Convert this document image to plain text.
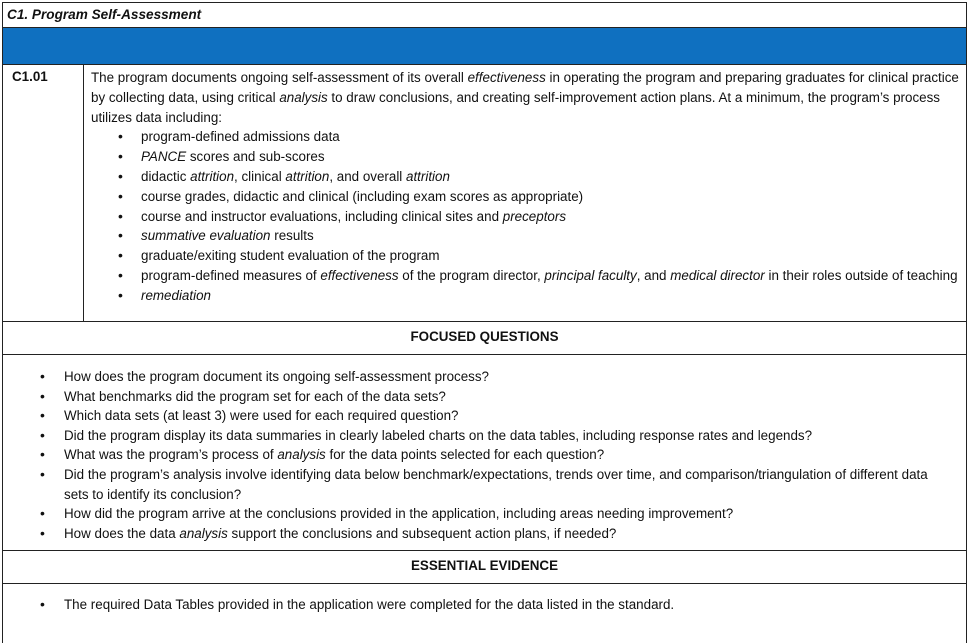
C1. Program Self-Assessment
C1.01	The program documents ongoing self-assessment of its overall effectiveness in operating the program and preparing graduates for clinical practice by collecting data, using critical analysis to draw conclusions, and creating self-improvement action plans. At a minimum, the program’s process utilizes data including:

• program-defined admissions data
• PANCE scores and sub-scores
• didactic attrition, clinical attrition, and overall attrition
• course grades, didactic and clinical (including exam scores as appropriate)
• course and instructor evaluations, including clinical sites and preceptors
• summative evaluation results
• graduate/exiting student evaluation of the program
• program-defined measures of effectiveness of the program director, principal faculty, and medical director in their roles outside of teaching
• remediation
FOCUSED QUESTIONS
• How does the program document its ongoing self-assessment process?
• What benchmarks did the program set for each of the data sets?
• Which data sets (at least 3) were used for each required question?
• Did the program display its data summaries in clearly labeled charts on the data tables, including response rates and legends?
• What was the program’s process of analysis for the data points selected for each question?
• Did the program’s analysis involve identifying data below benchmark/expectations, trends over time, and comparison/triangulation of different data sets to identify its conclusion?
• How did the program arrive at the conclusions provided in the application, including areas needing improvement?
• How does the data analysis support the conclusions and subsequent action plans, if needed?
ESSENTIAL EVIDENCE
• The required Data Tables provided in the application were completed for the data listed in the standard.
